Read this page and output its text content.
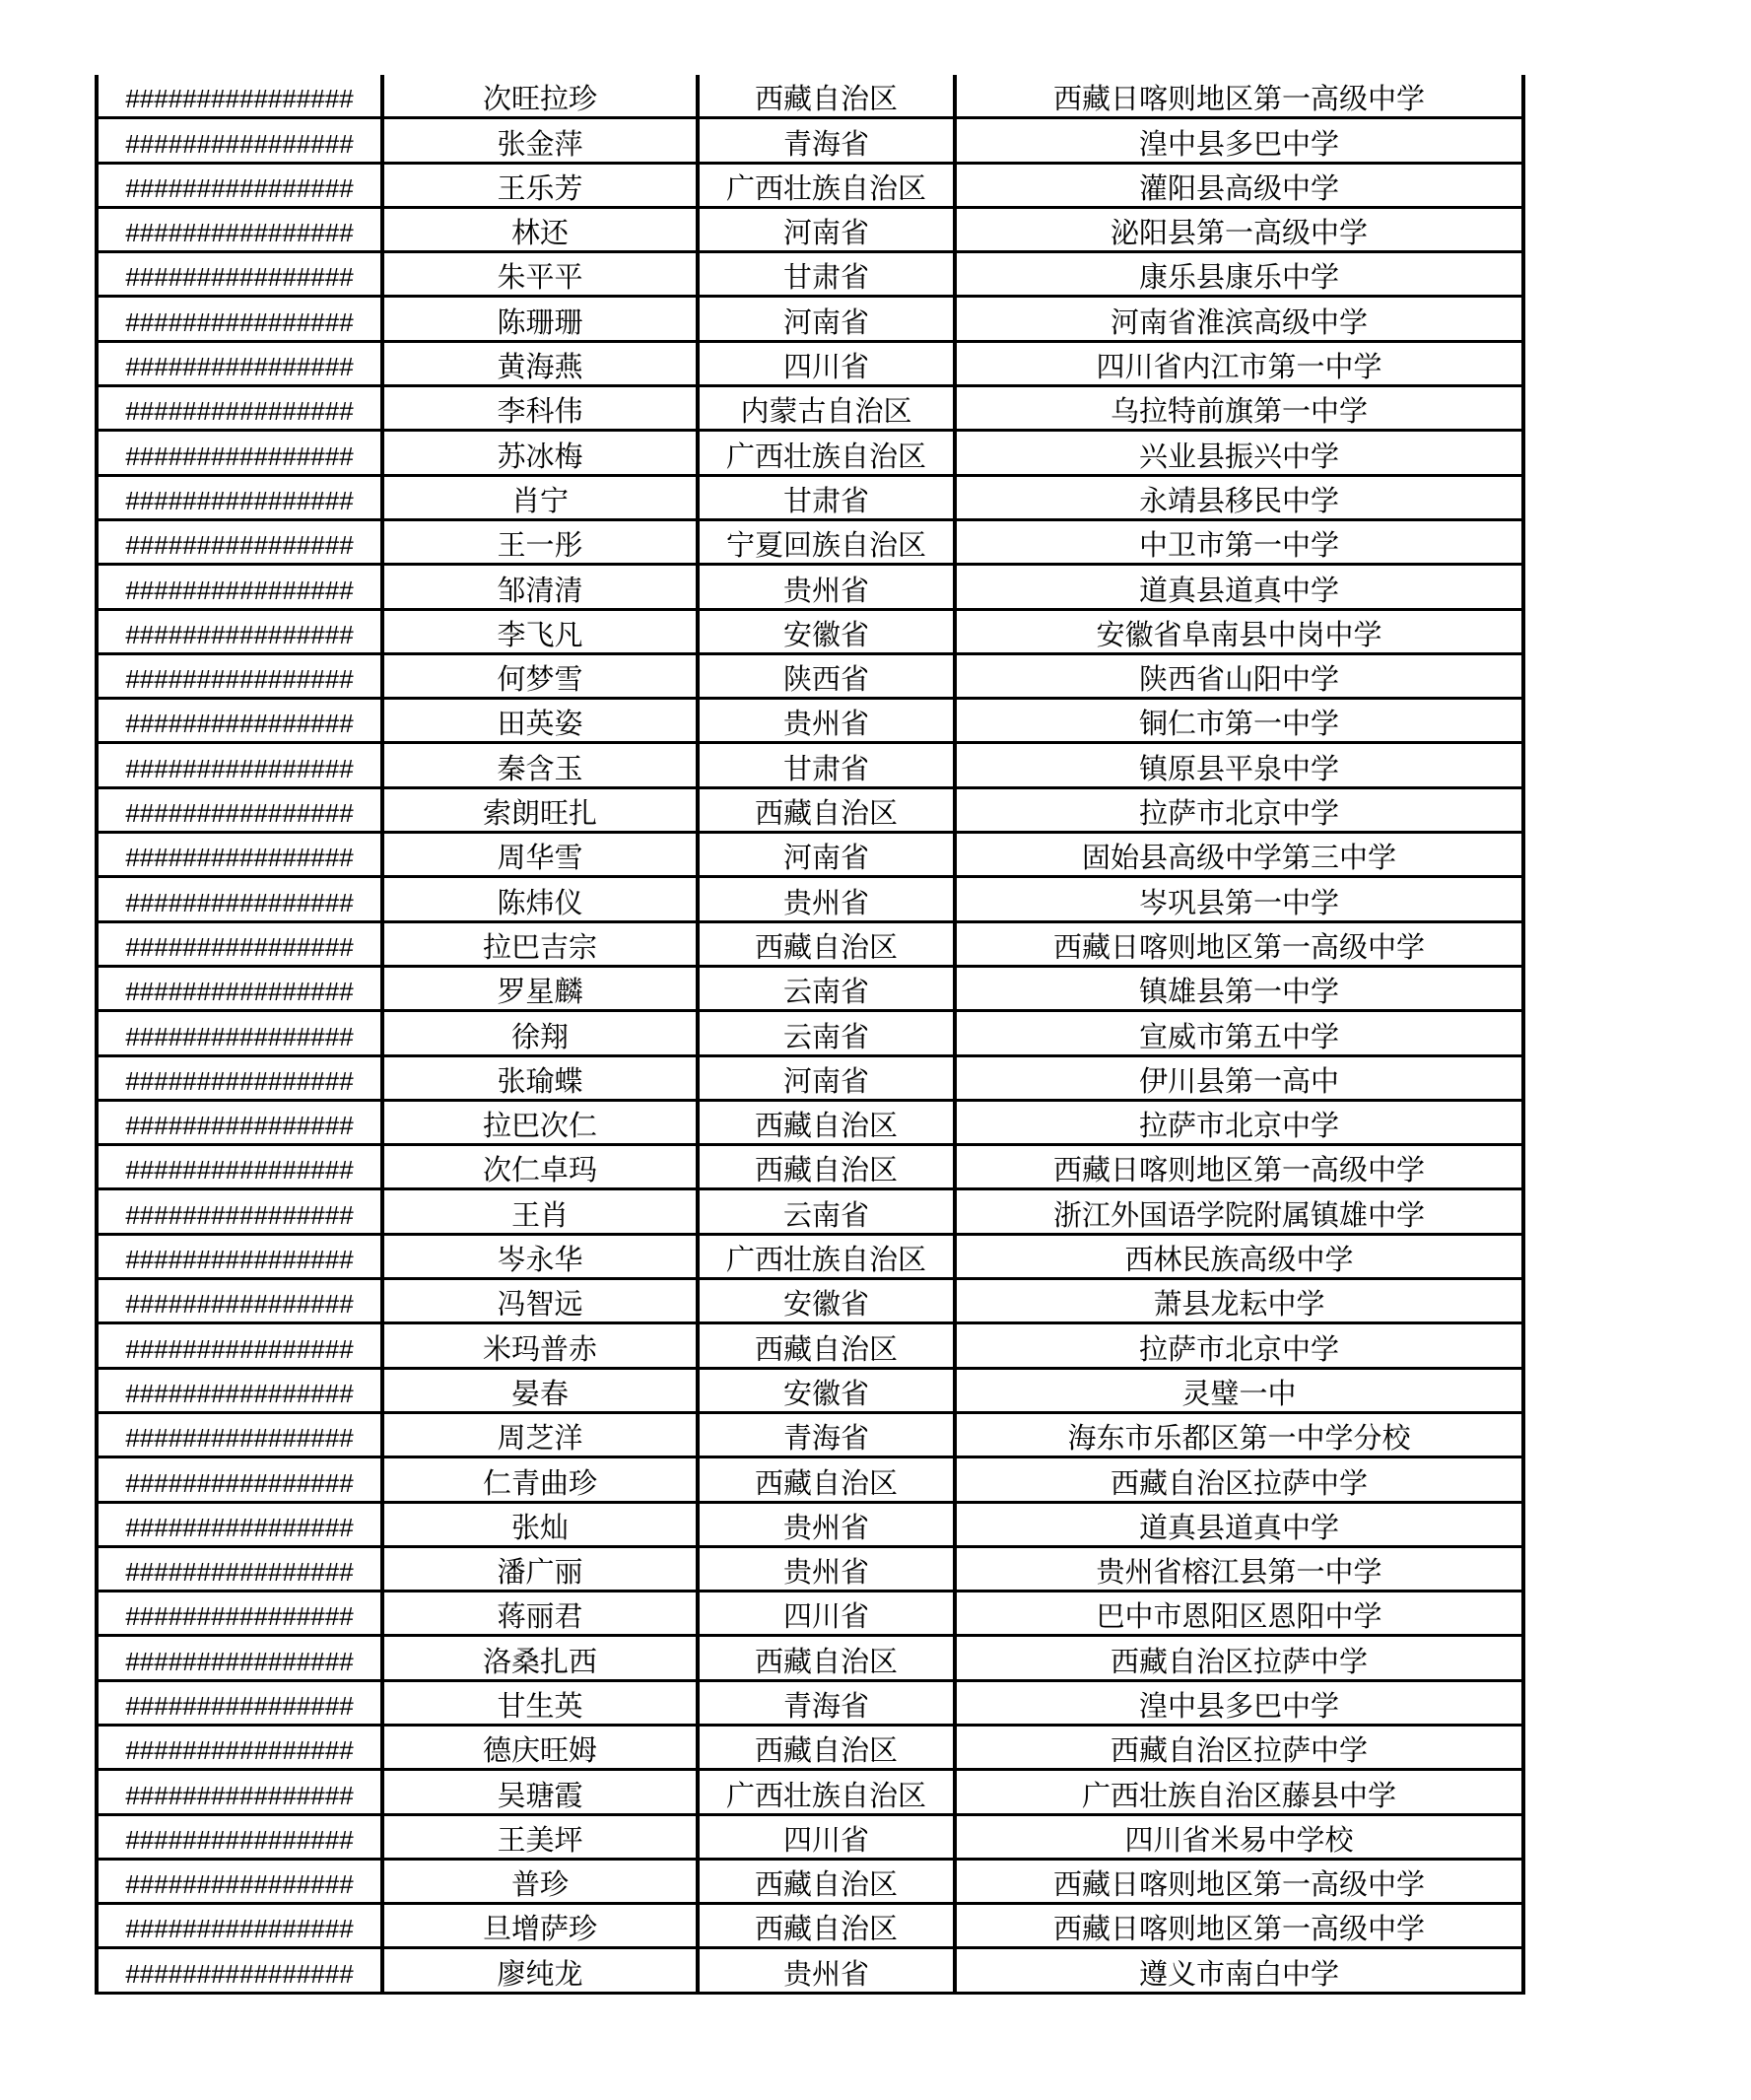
################	次旺拉珍	西藏自治区	西藏日喀则地区第一高级中学
################	张金萍	青海省	湟中县多巴中学
################	王乐芳	广西壮族自治区	灌阳县高级中学
################	林还	河南省	泌阳县第一高级中学
################	朱平平	甘肃省	康乐县康乐中学
################	陈珊珊	河南省	河南省淮滨高级中学
################	黄海燕	四川省	四川省内江市第一中学
################	李科伟	内蒙古自治区	乌拉特前旗第一中学
################	苏冰梅	广西壮族自治区	兴业县振兴中学
################	肖宁	甘肃省	永靖县移民中学
################	王一彤	宁夏回族自治区	中卫市第一中学
################	邹清清	贵州省	道真县道真中学
################	李飞凡	安徽省	安徽省阜南县中岗中学
################	何梦雪	陕西省	陕西省山阳中学
################	田英姿	贵州省	铜仁市第一中学
################	秦含玉	甘肃省	镇原县平泉中学
################	索朗旺扎	西藏自治区	拉萨市北京中学
################	周华雪	河南省	固始县高级中学第三中学
################	陈炜仪	贵州省	岑巩县第一中学
################	拉巴吉宗	西藏自治区	西藏日喀则地区第一高级中学
################	罗星麟	云南省	镇雄县第一中学
################	徐翔	云南省	宣威市第五中学
################	张瑜蝶	河南省	伊川县第一高中
################	拉巴次仁	西藏自治区	拉萨市北京中学
################	次仁卓玛	西藏自治区	西藏日喀则地区第一高级中学
################	王肖	云南省	浙江外国语学院附属镇雄中学
################	岑永华	广西壮族自治区	西林民族高级中学
################	冯智远	安徽省	萧县龙耘中学
################	米玛普赤	西藏自治区	拉萨市北京中学
################	晏春	安徽省	灵璧一中
################	周芝洋	青海省	海东市乐都区第一中学分校
################	仁青曲珍	西藏自治区	西藏自治区拉萨中学
################	张灿	贵州省	道真县道真中学
################	潘广丽	贵州省	贵州省榕江县第一中学
################	蒋丽君	四川省	巴中市恩阳区恩阳中学
################	洛桑扎西	西藏自治区	西藏自治区拉萨中学
################	甘生英	青海省	湟中县多巴中学
################	德庆旺姆	西藏自治区	西藏自治区拉萨中学
################	吴瑭霞	广西壮族自治区	广西壮族自治区藤县中学
################	王美坪	四川省	四川省米易中学校
################	普珍	西藏自治区	西藏日喀则地区第一高级中学
################	旦增萨珍	西藏自治区	西藏日喀则地区第一高级中学
################	廖纯龙	贵州省	遵义市南白中学
